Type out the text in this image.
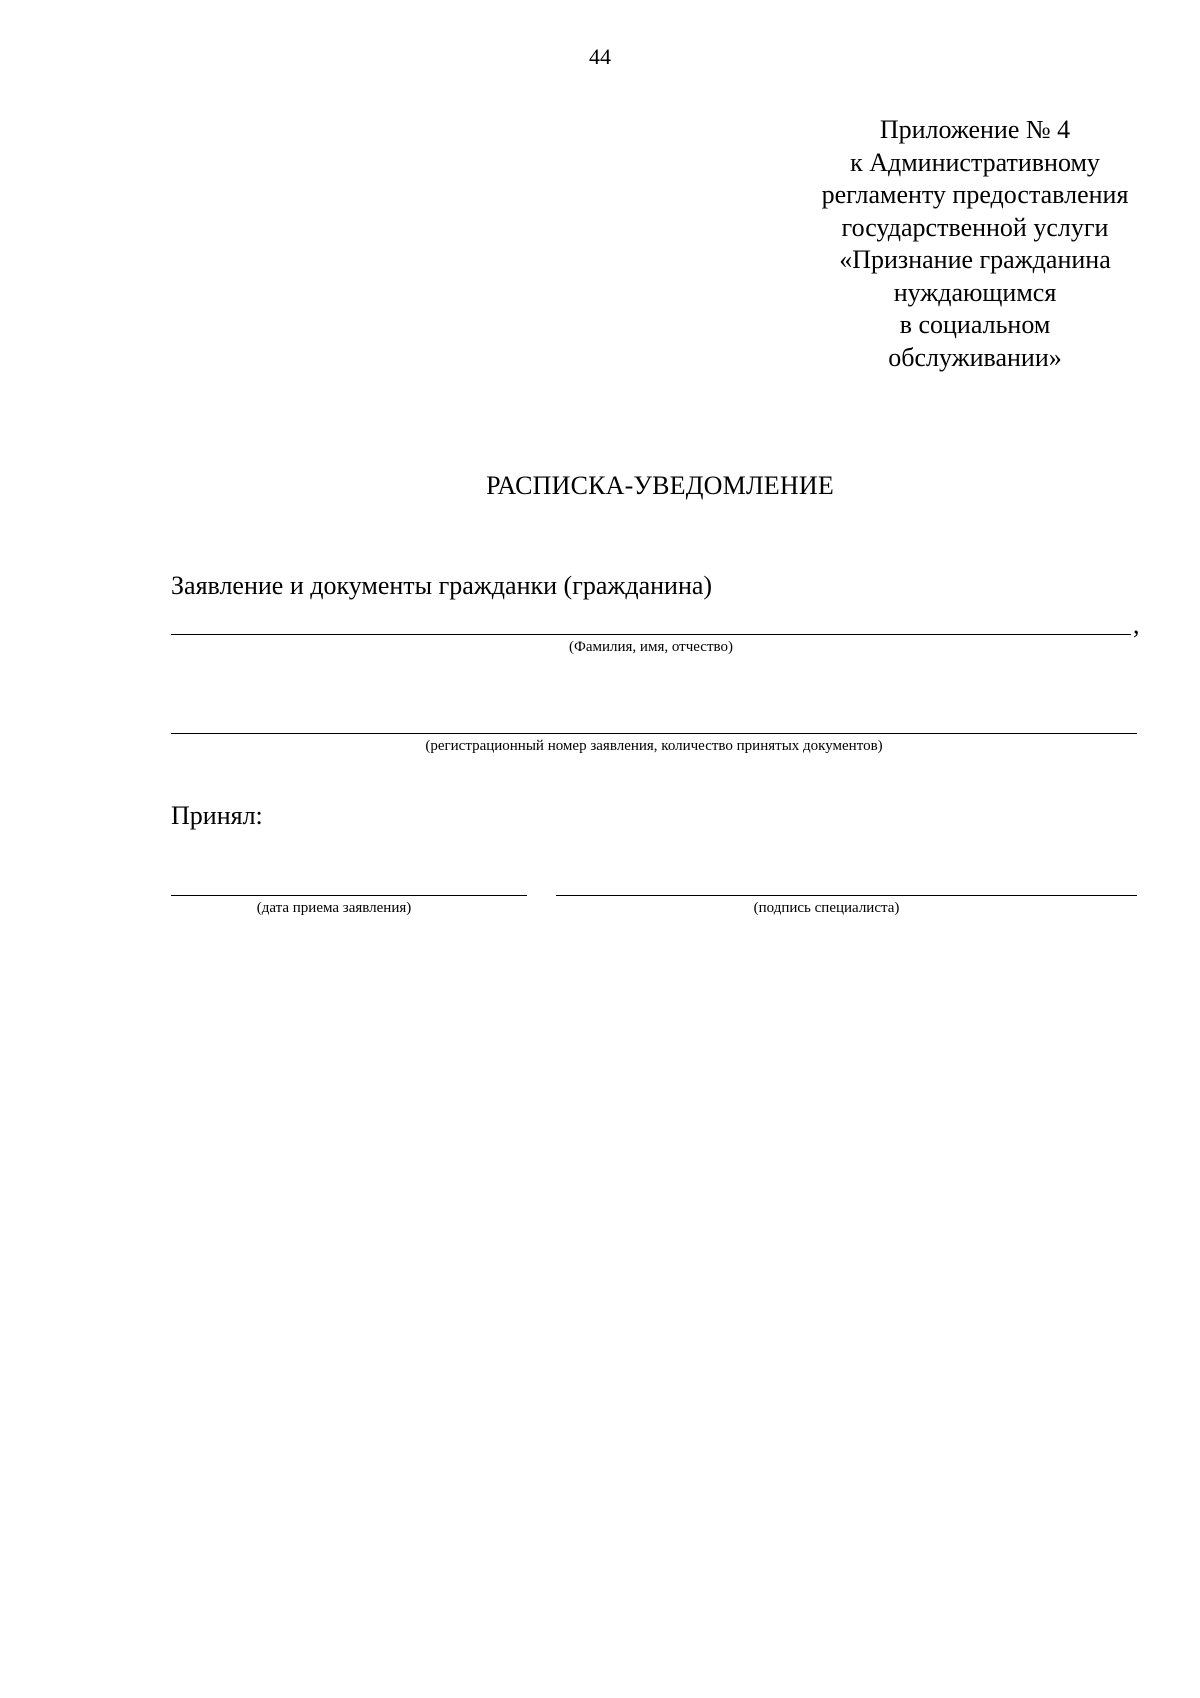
44
Приложение № 4
к Административному
регламенту предоставления
государственной услуги
«Признание гражданина
нуждающимся
в социальном
обслуживании»
РАСПИСКА-УВЕДОМЛЕНИЕ
Заявление и документы гражданки (гражданина)
,
(Фамилия, имя, отчество)
(регистрационный номер заявления, количество принятых документов)
Принял:
(дата приема заявления)	(подпись специалиста)
